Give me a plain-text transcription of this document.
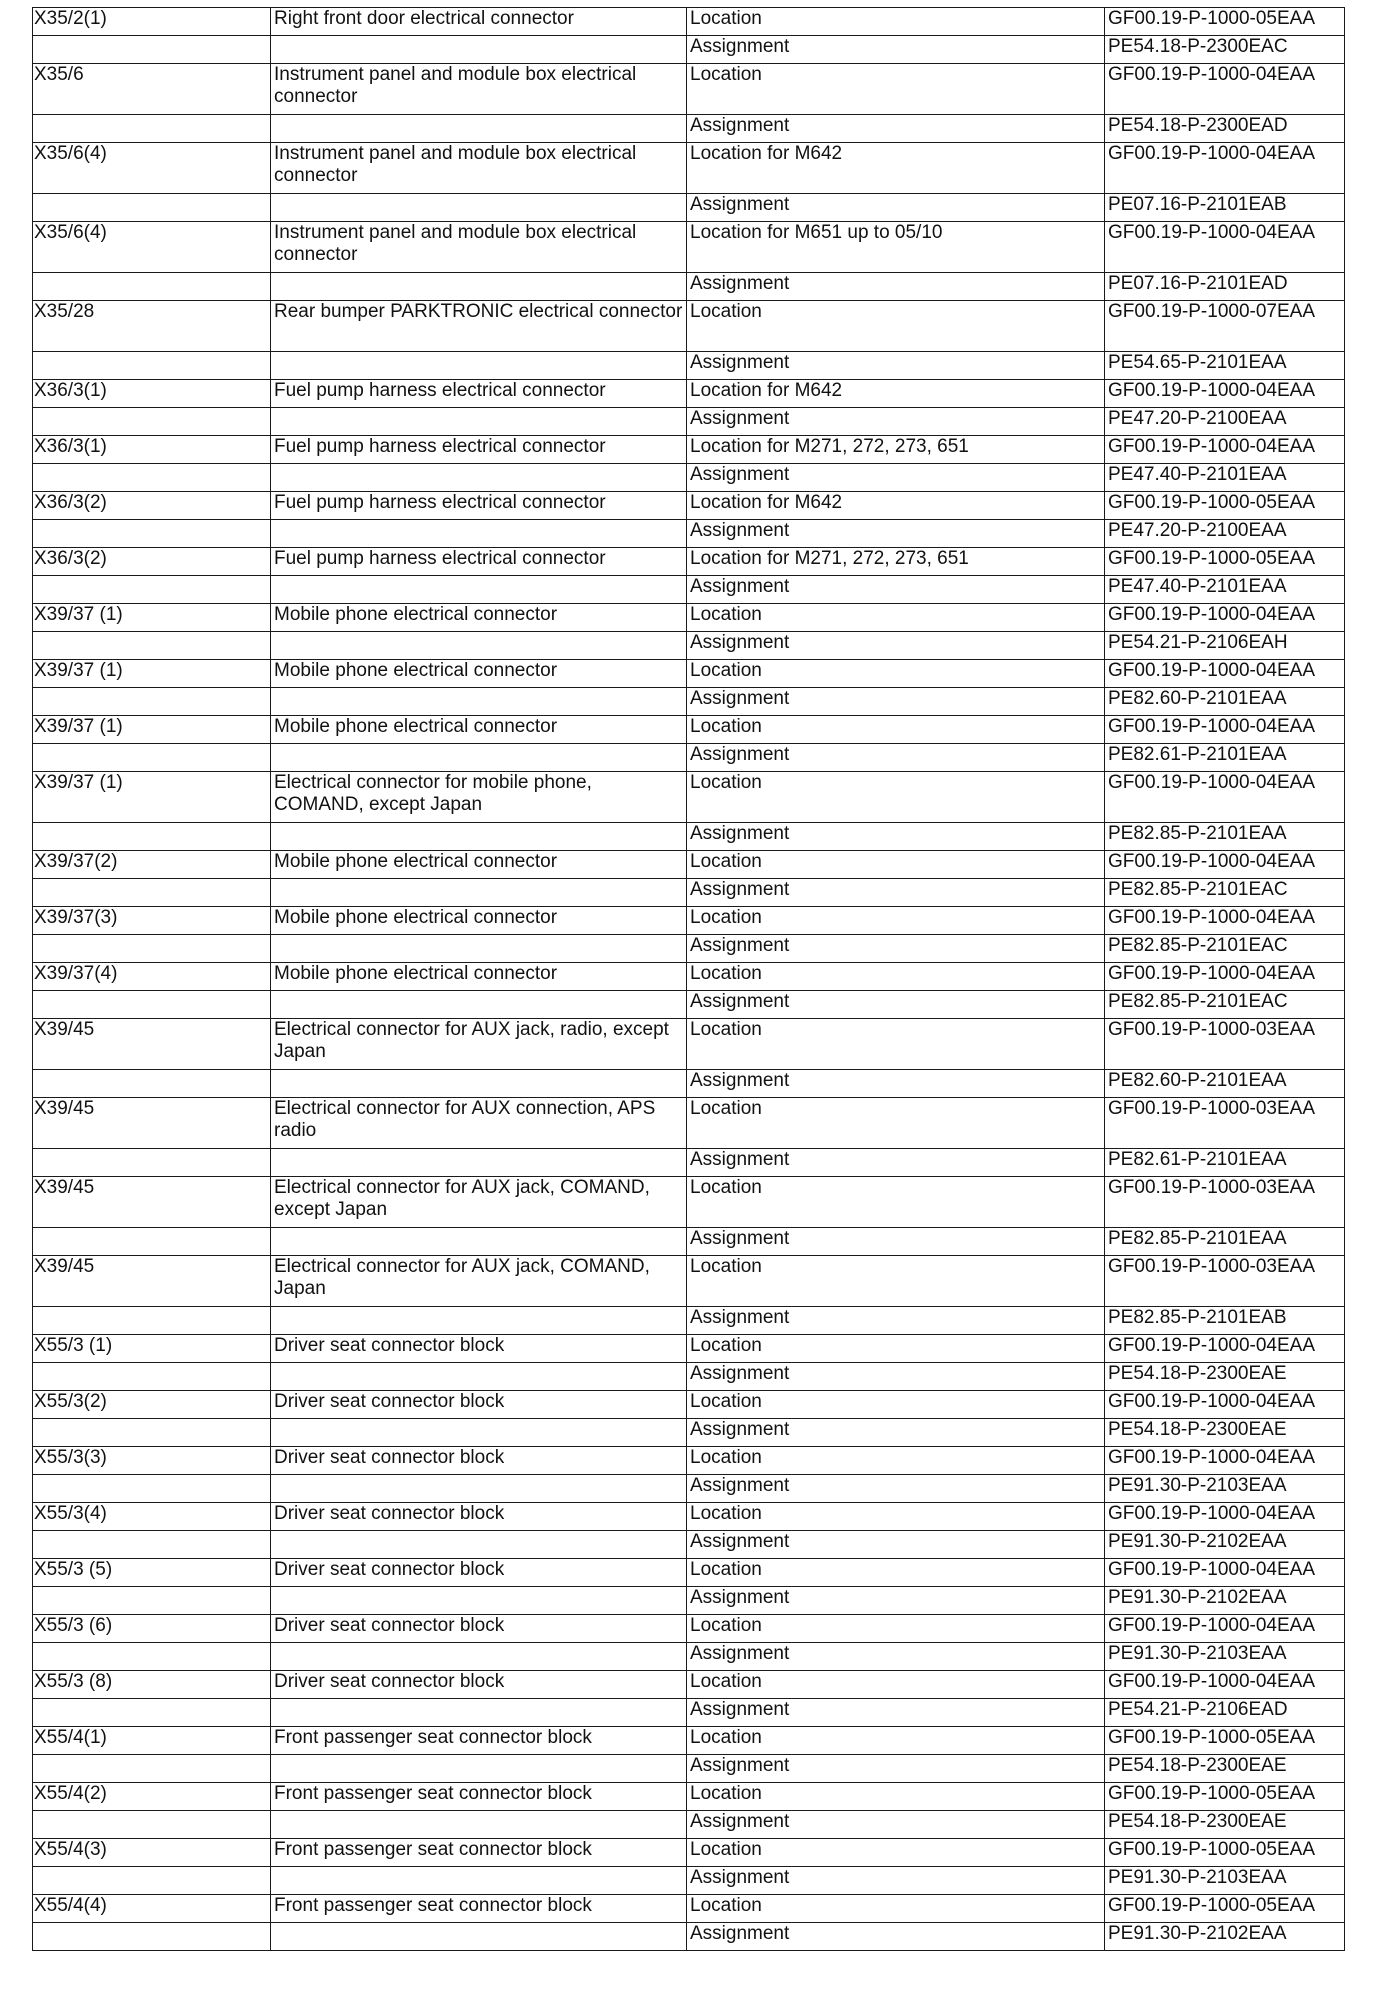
X35/2(1)	Right front door electrical connector	Location	GF00.19-P-1000-05EAA
		Assignment	PE54.18-P-2300EAC
X35/6	Instrument panel and module box electrical connector	Location	GF00.19-P-1000-04EAA
		Assignment	PE54.18-P-2300EAD
X35/6(4)	Instrument panel and module box electrical connector	Location for M642	GF00.19-P-1000-04EAA
		Assignment	PE07.16-P-2101EAB
X35/6(4)	Instrument panel and module box electrical connector	Location for M651 up to 05/10	GF00.19-P-1000-04EAA
		Assignment	PE07.16-P-2101EAD
X35/28	Rear bumper PARKTRONIC electrical connector	Location	GF00.19-P-1000-07EAA
		Assignment	PE54.65-P-2101EAA
X36/3(1)	Fuel pump harness electrical connector	Location for M642	GF00.19-P-1000-04EAA
		Assignment	PE47.20-P-2100EAA
X36/3(1)	Fuel pump harness electrical connector	Location for M271, 272, 273, 651	GF00.19-P-1000-04EAA
		Assignment	PE47.40-P-2101EAA
X36/3(2)	Fuel pump harness electrical connector	Location for M642	GF00.19-P-1000-05EAA
		Assignment	PE47.20-P-2100EAA
X36/3(2)	Fuel pump harness electrical connector	Location for M271, 272, 273, 651	GF00.19-P-1000-05EAA
		Assignment	PE47.40-P-2101EAA
X39/37 (1)	Mobile phone electrical connector	Location	GF00.19-P-1000-04EAA
		Assignment	PE54.21-P-2106EAH
X39/37 (1)	Mobile phone electrical connector	Location	GF00.19-P-1000-04EAA
		Assignment	PE82.60-P-2101EAA
X39/37 (1)	Mobile phone electrical connector	Location	GF00.19-P-1000-04EAA
		Assignment	PE82.61-P-2101EAA
X39/37 (1)	Electrical connector for mobile phone, COMAND, except Japan	Location	GF00.19-P-1000-04EAA
		Assignment	PE82.85-P-2101EAA
X39/37(2)	Mobile phone electrical connector	Location	GF00.19-P-1000-04EAA
		Assignment	PE82.85-P-2101EAC
X39/37(3)	Mobile phone electrical connector	Location	GF00.19-P-1000-04EAA
		Assignment	PE82.85-P-2101EAC
X39/37(4)	Mobile phone electrical connector	Location	GF00.19-P-1000-04EAA
		Assignment	PE82.85-P-2101EAC
X39/45	Electrical connector for AUX jack, radio, except Japan	Location	GF00.19-P-1000-03EAA
		Assignment	PE82.60-P-2101EAA
X39/45	Electrical connector for AUX connection, APS radio	Location	GF00.19-P-1000-03EAA
		Assignment	PE82.61-P-2101EAA
X39/45	Electrical connector for AUX jack, COMAND, except Japan	Location	GF00.19-P-1000-03EAA
		Assignment	PE82.85-P-2101EAA
X39/45	Electrical connector for AUX jack, COMAND, Japan	Location	GF00.19-P-1000-03EAA
		Assignment	PE82.85-P-2101EAB
X55/3 (1)	Driver seat connector block	Location	GF00.19-P-1000-04EAA
		Assignment	PE54.18-P-2300EAE
X55/3(2)	Driver seat connector block	Location	GF00.19-P-1000-04EAA
		Assignment	PE54.18-P-2300EAE
X55/3(3)	Driver seat connector block	Location	GF00.19-P-1000-04EAA
		Assignment	PE91.30-P-2103EAA
X55/3(4)	Driver seat connector block	Location	GF00.19-P-1000-04EAA
		Assignment	PE91.30-P-2102EAA
X55/3 (5)	Driver seat connector block	Location	GF00.19-P-1000-04EAA
		Assignment	PE91.30-P-2102EAA
X55/3 (6)	Driver seat connector block	Location	GF00.19-P-1000-04EAA
		Assignment	PE91.30-P-2103EAA
X55/3 (8)	Driver seat connector block	Location	GF00.19-P-1000-04EAA
		Assignment	PE54.21-P-2106EAD
X55/4(1)	Front passenger seat connector block	Location	GF00.19-P-1000-05EAA
		Assignment	PE54.18-P-2300EAE
X55/4(2)	Front passenger seat connector block	Location	GF00.19-P-1000-05EAA
		Assignment	PE54.18-P-2300EAE
X55/4(3)	Front passenger seat connector block	Location	GF00.19-P-1000-05EAA
		Assignment	PE91.30-P-2103EAA
X55/4(4)	Front passenger seat connector block	Location	GF00.19-P-1000-05EAA
		Assignment	PE91.30-P-2102EAA
